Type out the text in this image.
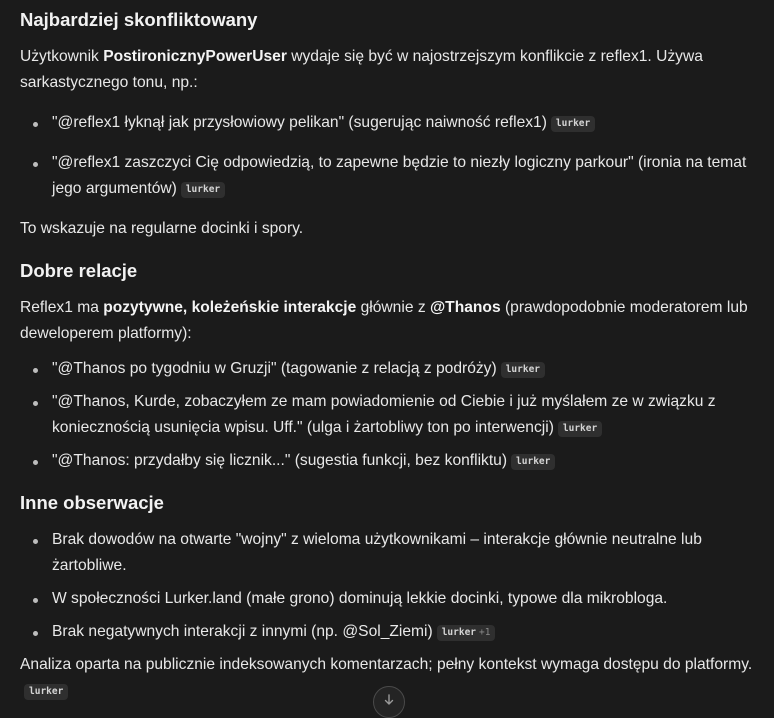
Najbardziej skonfliktowany

Użytkownik PostironicznyPowerUser wydaje się być w najostrzejszym konflikcie z reflex1. Używa sarkastycznego tonu, np.:

"@reflex1 łyknął jak przysłowiowy pelikan" (sugerując naiwność reflex1) lurker
"@reflex1 zaszczyci Cię odpowiedzią, to zapewne będzie to niezły logiczny parkour" (ironia na temat jego argumentów) lurker

To wskazuje na regularne docinki i spory.

Dobre relacje

Reflex1 ma pozytywne, koleżeńskie interakcje głównie z @Thanos (prawdopodobnie moderatorem lub deweloperem platformy):

"@Thanos po tygodniu w Gruzji" (tagowanie z relacją z podróży) lurker
"@Thanos, Kurde, zobaczyłem ze mam powiadomienie od Ciebie i już myślałem ze w związku z koniecznością usunięcia wpisu. Uff." (ulga i żartobliwy ton po interwencji) lurker
"@Thanos: przydałby się licznik..." (sugestia funkcji, bez konfliktu) lurker
Inne obserwacje
Brak dowodów na otwarte "wojny" z wieloma użytkownikami – interakcje głównie neutralne lub żartobliwe.
W społeczności Lurker.land (małe grono) dominują lekkie docinki, typowe dla mikrobloga.
Brak negatywnych interakcji z innymi (np. @Sol_Ziemi) lurker +1

Analiza oparta na publicznie indeksowanych komentarzach; pełny kontekst wymaga dostępu do platformy.lurker
